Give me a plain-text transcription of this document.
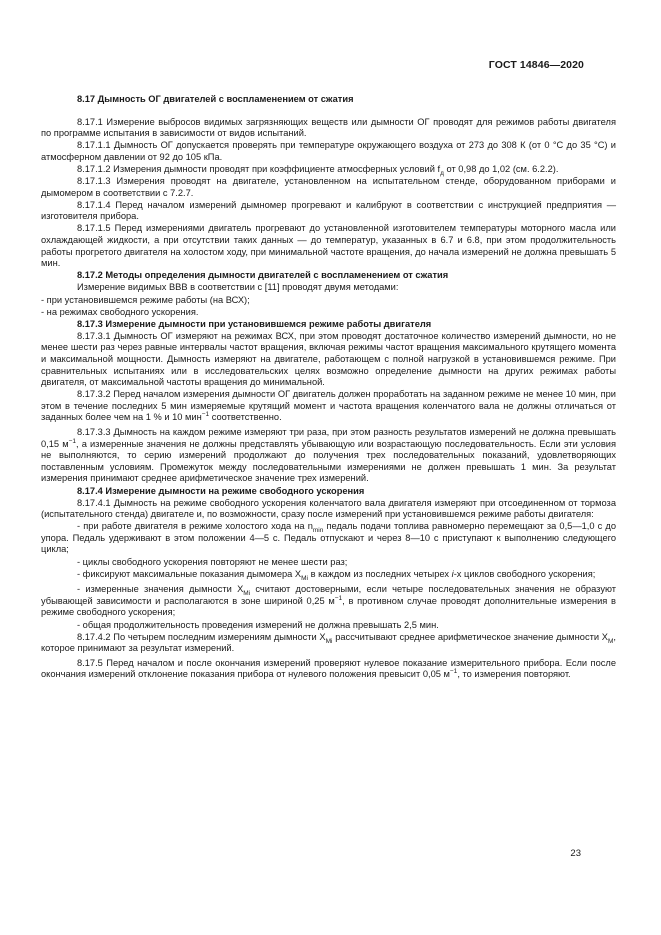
ГОСТ 14846—2020

8.17 Дымность ОГ двигателей с воспламенением от сжатия

8.17.1 Измерение выбросов видимых загрязняющих веществ или дымности ОГ проводят для режимов работы двигателя по программе испытания в зависимости от видов испытаний.

8.17.1.1 Дымность ОГ допускается проверять при температуре окружающего воздуха от 273 до 308 К (от 0 °С до 35 °С) и атмосферном давлении от 92 до 105 кПа.

8.17.1.2 Измерения дымности проводят при коэффициенте атмосферных условий $f_д$ от 0,98 до 1,02 (см. 6.2.2).

8.17.1.3 Измерения проводят на двигателе, установленном на испытательном стенде, оборудованном приборами и дымомером в соответствии с 7.2.7.

8.17.1.4 Перед началом измерений дымномер прогревают и калибруют в соответствии с инструкцией предприятия — изготовителя прибора.

8.17.1.5 Перед измерениями двигатель прогревают до установленной изготовителем температуры моторного масла или охлаждающей жидкости, а при отсутствии таких данных — до температур, указанных в 6.7 и 6.8, при этом продолжительность работы прогретого двигателя на холостом ходу, при минимальной частоте вращения, до начала измерений не должна превышать 5 мин.

8.17.2 Методы определения дымности двигателей с воспламенением от сжатия

Измерение видимых ВВВ в соответствии с [11] проводят двумя методами:

- при установившемся режиме работы (на ВСХ);

- на режимах свободного ускорения.

8.17.3 Измерение дымности при установившемся режиме работы двигателя

8.17.3.1 Дымность ОГ измеряют на режимах ВСХ, при этом проводят достаточное количество измерений дымности, но не менее шести раз через равные интервалы частот вращения, включая режимы частот вращения максимального крутящего момента и максимальной мощности. Дымность измеряют на двигателе, работающем с полной нагрузкой в установившемся режиме. При сравнительных испытаниях или в исследовательских целях возможно определение дымности на других режимах работы двигателя, от максимальной частоты вращения до минимальной.

8.17.3.2 Перед началом измерения дымности ОГ двигатель должен проработать на заданном режиме не менее 10 мин, при этом в течение последних 5 мин измеряемые крутящий момент и частота вращения коленчатого вала не должны отличаться от заданных более чем на 1 % и 10 мин$^{-1}$ соответственно.

8.17.3.3 Дымность на каждом режиме измеряют три раза, при этом разность результатов измерений не должна превышать 0,15 $м^{-1}$, а измеренные значения не должны представлять убывающую или возрастающую последовательность. Если эти условия не выполняются, то серию измерений продолжают до получения трех последовательных показаний, удовлетворяющих поставленным условиям. Промежуток между последовательными измерениями не должен превышать 1 мин. За результат измерения принимают среднее арифметическое значение трех измерений.

8.17.4 Измерение дымности на режиме свободного ускорения

8.17.4.1 Дымность на режиме свободного ускорения коленчатого вала двигателя измеряют при отсоединенном от тормоза (испытательного стенда) двигателе и, по возможности, сразу после измерений при установившемся режиме работы двигателя:

- при работе двигателя в режиме холостого хода на $n_{min}$ педаль подачи топлива равномерно перемещают за 0,5—1,0 с до упора. Педаль удерживают в этом положении 4—5 с. Педаль отпускают и через 8—10 с приступают к выполнению следующего цикла;

- циклы свободного ускорения повторяют не менее шести раз;

- фиксируют максимальные показания дымомера $X_{Mi}$ в каждом из последних четырех i-х циклов свободного ускорения;

- измеренные значения дымности $X_{Mi}$ считают достоверными, если четыре последовательных значения не образуют убывающей зависимости и располагаются в зоне шириной 0,25 $м^{-1}$, в противном случае проводят дополнительные измерения в режиме свободного ускорения;

- общая продолжительность проведения измерений не должна превышать 2,5 мин.

8.17.4.2 По четырем последним измерениям дымности $X_{Mi}$ рассчитывают среднее арифметическое значение дымности $X_M$, которое принимают за результат измерений.

8.17.5 Перед началом и после окончания измерений проверяют нулевое показание измерительного прибора. Если после окончания измерений отклонение показания прибора от нулевого положения превысит 0,05 $м^{-1}$, то измерения повторяют.

23
